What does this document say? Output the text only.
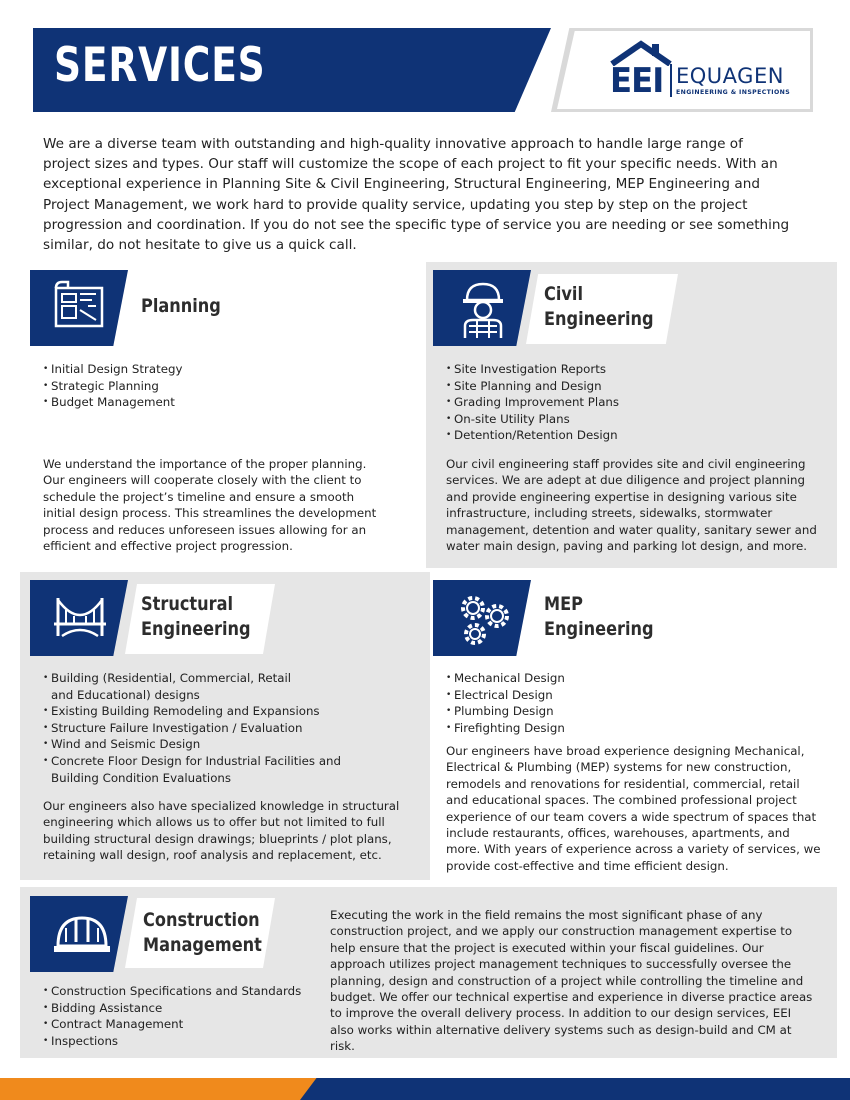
SERVICES	EEI EQUAGEN
ENGINEERING & INSPECTIONS
We are a diverse team with outstanding and high-quality innovative approach to handle large range of project sizes and types. Our staff will customize the scope of each project to fit your specific needs. With an exceptional experience in Planning Site & Civil Engineering, Structural Engineering, MEP Engineering and Project Management, we work hard to provide quality service, updating you step by step on the project progression and coordination. If you do not see the specific type of service you are needing or see something similar, do not hesitate to give us a quick call.
Planning
• Initial Design Strategy
• Strategic Planning
• Budget Management
We understand the importance of the proper planning. Our engineers will cooperate closely with the client to schedule the project’s timeline and ensure a smooth initial design process. This streamlines the development process and reduces unforeseen issues allowing for an efficient and effective project progression.
Civil
Engineering
• Site Investigation Reports
• Site Planning and Design
• Grading Improvement Plans
• On-site Utility Plans
• Detention/Retention Design
Our civil engineering staff provides site and civil engineering services. We are adept at due diligence and project planning and provide engineering expertise in designing various site infrastructure, including streets, sidewalks, stormwater management, detention and water quality, sanitary sewer and water main design, paving and parking lot design, and more.
Structural
Engineering
• Building (Residential, Commercial, Retail and Educational) designs
• Existing Building Remodeling and Expansions
• Structure Failure Investigation / Evaluation
• Wind and Seismic Design
• Concrete Floor Design for Industrial Facilities and Building Condition Evaluations
Our engineers also have specialized knowledge in structural engineering which allows us to offer but not limited to full building structural design drawings; blueprints / plot plans, retaining wall design, roof analysis and replacement, etc.
MEP
Engineering
• Mechanical Design
• Electrical Design
• Plumbing Design
• Firefighting Design
Our engineers have broad experience designing Mechanical, Electrical & Plumbing (MEP) systems for new construction, remodels and renovations for residential, commercial, retail and educational spaces. The combined professional project experience of our team covers a wide spectrum of spaces that include restaurants, offices, warehouses, apartments, and more. With years of experience across a variety of services, we provide cost-effective and time efficient design.
Construction
Management
• Construction Specifications and Standards
• Bidding Assistance
• Contract Management
• Inspections
Executing the work in the field remains the most significant phase of any construction project, and we apply our construction management expertise to help ensure that the project is executed within your fiscal guidelines. Our approach utilizes project management techniques to successfully oversee the planning, design and construction of a project while controlling the timeline and budget. We offer our technical expertise and experience in diverse practice areas to improve the overall delivery process. In addition to our design services, EEI also works within alternative delivery systems such as design-build and CM at risk.
